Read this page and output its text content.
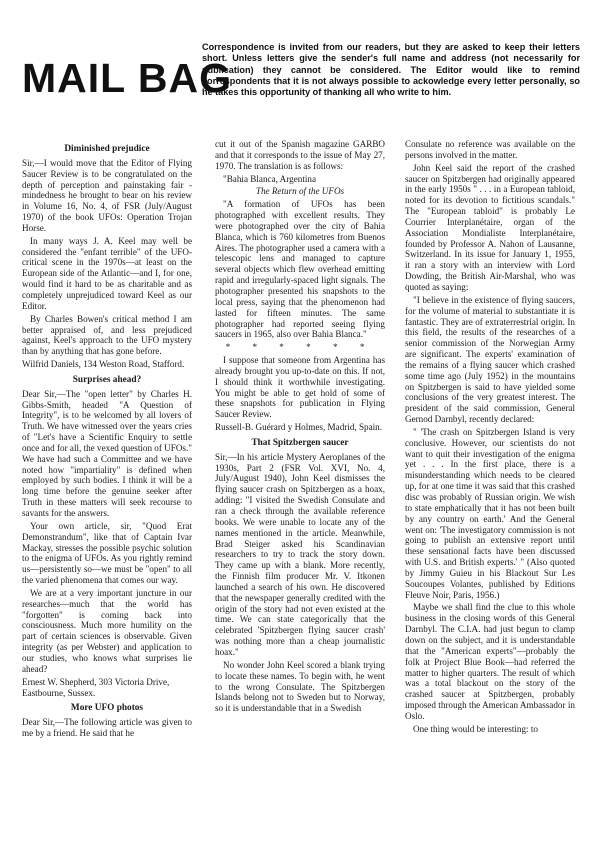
MAIL BAG

Correspondence is invited from our readers, but they are asked to keep their letters short. Unless letters give the sender's full name and address (not necessarily for publication) they cannot be considered. The Editor would like to remind correspondents that it is not always possible to ackowledge every letter personally, so he takes this opportunity of thanking all who write to him.

Diminished prejudice

Sir,—I would move that the Editor of Flying Saucer Review is to be congratulated on the depth of perception and painstaking fair - mindedness he brought to bear on his review in Volume 16, No. 4, of FSR (July/August 1970) of the book UFOs: Operation Trojan Horse.

In many ways J. A. Keel may well be considered the "enfant terrible" of the UFO-critical scene in the 1970s—at least on the European side of the Atlantic—and I, for one, would find it hard to be as charitable and as completely unprejudiced toward Keel as our Editor.

By Charles Bowen's critical method I am better appraised of, and less prejudiced against, Keel's approach to the UFO mystery than by anything that has gone before.

Wilfrid Daniels, 134 Weston Road, Stafford.

Surprises ahead?

Dear Sir,—The "open letter" by Charles H. Gibbs-Smith, headed "A Question of Integrity", is to be welcomed by all lovers of Truth. We have witnessed over the years cries of "Let's have a Scientific Enquiry to settle once and for all, the vexed question of UFOs." We have had such a Committee and we have noted how "impartiality" is defined when employed by such bodies. I think it will be a long time before the genuine seeker after Truth in these matters will seek recourse to savants for the answers.

Your own article, sir, "Quod Erat Demonstrandum", like that of Captain Ivar Mackay, stresses the possible psychic solution to the enigma of UFOs. As you rightly remind us—persistently so—we must be "open" to all the varied phenomena that comes our way.

We are at a very important juncture in our researches—much that the world has "forgotten" is coming back into consciousness. Much more humility on the part of certain sciences is observable. Given integrity (as per Webster) and application to our studies, who knows what surprises lie ahead?

Ernest W. Shepherd, 303 Victoria Drive, Eastbourne, Sussex.

More UFO photos

Dear Sir,—The following article was given to me by a friend. He said that he

cut it out of the Spanish magazine GARBO and that it corresponds to the issue of May 27, 1970. The translation is as follows:

"Bahia Blanca, Argentina

The Return of the UFOs

"A formation of UFOs has been photographed with excellent results. They were photographed over the city of Bahia Blanca, which is 760 kilometres from Buenos Aires. The photographer used a camera with a telescopic lens and managed to capture several objects which flew overhead emitting rapid and irregularly-spaced light signals. The photographer presented his snapshots to the local press, saying that the phenomenon had lasted for fifteen minutes. The same photographer had reported seeing flying saucers in 1965, also over Bahia Blanca."

* * * * * *

I suppose that someone from Argentina has already brought you up-to-date on this. If not, I should think it worthwhile investigating. You might be able to get hold of some of these snapshots for publication in Flying Saucer Review.

Russell-B. Guérard y Holmes, Madrid, Spain.

That Spitzbergen saucer

Sir,—In his article Mystery Aeroplanes of the 1930s, Part 2 (FSR Vol. XVI, No. 4, July/August 1940), John Keel dismisses the flying saucer crash on Spitzbergen as a hoax, adding: "I visited the Swedish Consulate and ran a check through the available reference books. We were unable to locate any of the names mentioned in the article. Meanwhile, Brad Steiger asked his Scandinavian researchers to try to track the story down. They came up with a blank. More recently, the Finnish film producer Mr. V. Itkonen launched a search of his own. He discovered that the newspaper generally credited with the origin of the story had not even existed at the time. We can state categorically that the celebrated 'Spitzbergen flying saucer crash' was nothing more than a cheap journalistic hoax."

No wonder John Keel scored a blank trying to locate these names. To begin with, he went to the wrong Consulate. The Spitzbergen Islands belong not to Sweden but to Norway, so it is understandable that in a Swedish

Consulate no reference was available on the persons involved in the matter.

John Keel said the report of the crashed saucer on Spitzbergen had originally appeared in the early 1950s " . . . in a European tabloid, noted for its devotion to fictitious scandals." The "European tabloid" is probably Le Courrier Interplanétaire, organ of the Association Mondialiste Interplanétaire, founded by Professor A. Nahon of Lausanne, Switzerland. In its issue for January 1, 1955, it ran a story with an interview with Lord Dowding, the British Air-Marshal, who was quoted as saying:

"I believe in the existence of flying saucers, for the volume of material to substantiate it is fantastic. They are of extraterrestrial origin. In this field, the results of the researches of a senior commission of the Norwegian Army are significant. The experts' examination of the remains of a flying saucer which crashed some time ago (July 1952) in the mountains on Spitzbergen is said to have yielded some conclusions of the very greatest interest. The president of the said commission, General Gernod Darnbyl, recently declared:

" 'The crash on Spitzbergen Island is very conclusive. However, our scientists do not want to quit their investigation of the enigma yet . . . In the first place, there is a misunderstanding which needs to be cleared up, for at one time it was said that this crashed disc was probably of Russian origin. We wish to state emphatically that it has not been built by any country on earth.' And the General went on: 'The investigatory commission is not going to publish an extensive report until these sensational facts have been discussed with U.S. and British experts.' " (Also quoted by Jimmy Guieu in his Blackout Sur Les Soucoupes Volantes, published by Editions Fleuve Noir, Paris, 1956.)

Maybe we shall find the clue to this whole business in the closing words of this General Darnbyl. The C.I.A. had just begun to clamp down on the subject, and it is understandable that the "American experts"—probably the folk at Project Blue Book—had referred the matter to higher quarters. The result of which was a total blackout on the story of the crashed saucer at Spitzbergen, probably imposed through the American Ambassador in Oslo.

One thing would be interesting: to
